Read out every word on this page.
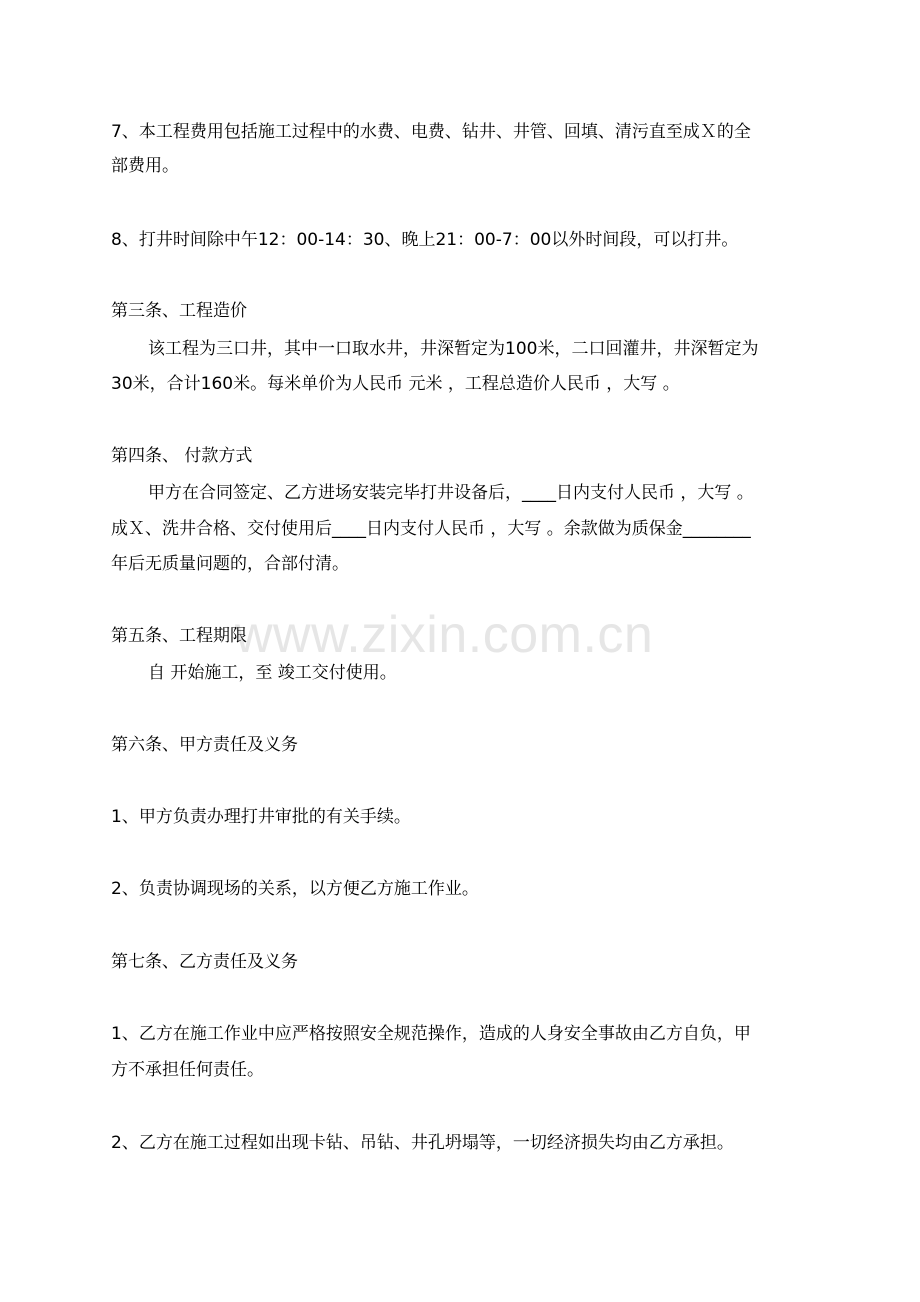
www.zixin.com.cn
7、本工程费用包括施工过程中的水费、电费、钻井、井管、回填、清污直至成Ｘ的全
部费用。
8、打井时间除中午12：00-14：30、晚上21：00-7：00以外时间段，可以打井。
第三条、工程造价
该工程为三口井，其中一口取水井，井深暂定为100米，二口回灌井，井深暂定为
30米，合计160米。每米单价为人民币 元米 ，工程总造价人民币 ，大写 。
第四条、 付款方式
甲方在合同签定、乙方进场安装完毕打井设备后，____日内支付人民币 ，大写 。
成Ｘ、洗井合格、交付使用后____日内支付人民币 ，大写 。余款做为质保金________
年后无质量问题的，合部付清。
第五条、工程期限
自 开始施工，至 竣工交付使用。
第六条、甲方责任及义务
1、甲方负责办理打井审批的有关手续。
2、负责协调现场的关系，以方便乙方施工作业。
第七条、乙方责任及义务
1、乙方在施工作业中应严格按照安全规范操作，造成的人身安全事故由乙方自负，甲
方不承担任何责任。
2、乙方在施工过程如出现卡钻、吊钻、井孔坍塌等，一切经济损失均由乙方承担。
